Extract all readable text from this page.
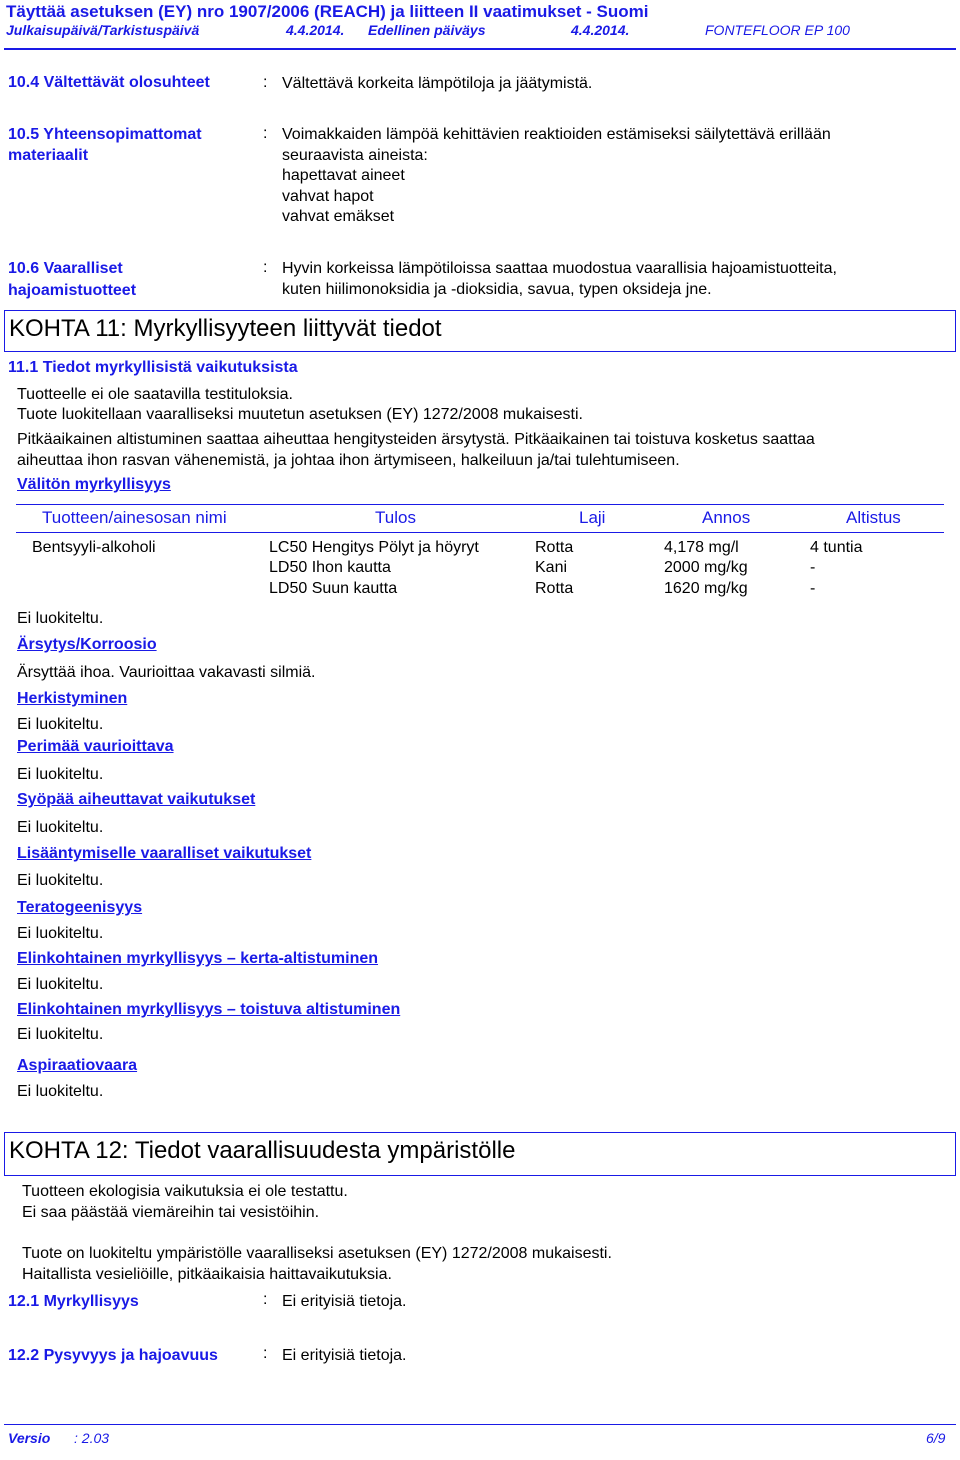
Täyttää asetuksen (EY) nro 1907/2006 (REACH) ja liitteen II vaatimukset - Suomi
Julkaisupäivä/Tarkistuspäivä	4.4.2014. Edellinen päiväys	4.4.2014.	FONTEFLOOR EP 100
10.4 Vältettävät olosuhteet	: Vältettävä korkeita lämpötiloja ja jäätymistä.
10.5 Yhteensopimattomat
materiaalit
: Voimakkaiden lämpöä kehittävien reaktioiden estämiseksi säilytettävä erillään
seuraavista aineista:
hapettavat aineet
vahvat hapot
vahvat emäkset
10.6 Vaaralliset
hajoamistuotteet
: Hyvin korkeissa lämpötiloissa saattaa muodostua vaarallisia hajoamistuotteita,
kuten hiilimonoksidia ja -dioksidia, savua, typen oksideja jne.
KOHTA 11: Myrkyllisyyteen liittyvät tiedot
11.1 Tiedot myrkyllisistä vaikutuksista
Tuotteelle ei ole saatavilla testituloksia.
Tuote luokitellaan vaaralliseksi muutetun asetuksen (EY) 1272/2008 mukaisesti.
Pitkäaikainen altistuminen saattaa aiheuttaa hengitysteiden ärsytystä. Pitkäaikainen tai toistuva kosketus saattaa
aiheuttaa ihon rasvan vähenemistä, ja johtaa ihon ärtymiseen, halkeiluun ja/tai tulehtumiseen.
Välitön myrkyllisyys
Tuotteen/ainesosan nimi	Tulos	Laji	Annos	Altistus
Bentsyyli-alkoholi	LC50 Hengitys Pölyt ja höyryt	Rotta	4,178 mg/l	4 tuntia
LD50 Ihon kautta	Kani	2000 mg/kg	-
LD50 Suun kautta	Rotta	1620 mg/kg	-
Ei luokiteltu.
Ärsytys/Korroosio
Ärsyttää ihoa. Vaurioittaa vakavasti silmiä.
Herkistyminen
Ei luokiteltu.
Perimää vaurioittava
Ei luokiteltu.
Syöpää aiheuttavat vaikutukset
Ei luokiteltu.
Lisääntymiselle vaaralliset vaikutukset
Ei luokiteltu.
Teratogeenisyys
Ei luokiteltu.
Elinkohtainen myrkyllisyys – kerta-altistuminen
Ei luokiteltu.
Elinkohtainen myrkyllisyys – toistuva altistuminen
Ei luokiteltu.
Aspiraatiovaara
Ei luokiteltu.
KOHTA 12: Tiedot vaarallisuudesta ympäristölle
Tuotteen ekologisia vaikutuksia ei ole testattu.
Ei saa päästää viemäreihin tai vesistöihin.
Tuote on luokiteltu ympäristölle vaaralliseksi asetuksen (EY) 1272/2008 mukaisesti.
Haitallista vesieliöille, pitkäaikaisia haittavaikutuksia.
12.1 Myrkyllisyys	: Ei erityisiä tietoja.
12.2 Pysyvyys ja hajoavuus	: Ei erityisiä tietoja.
Versio : 2.03	6/9
